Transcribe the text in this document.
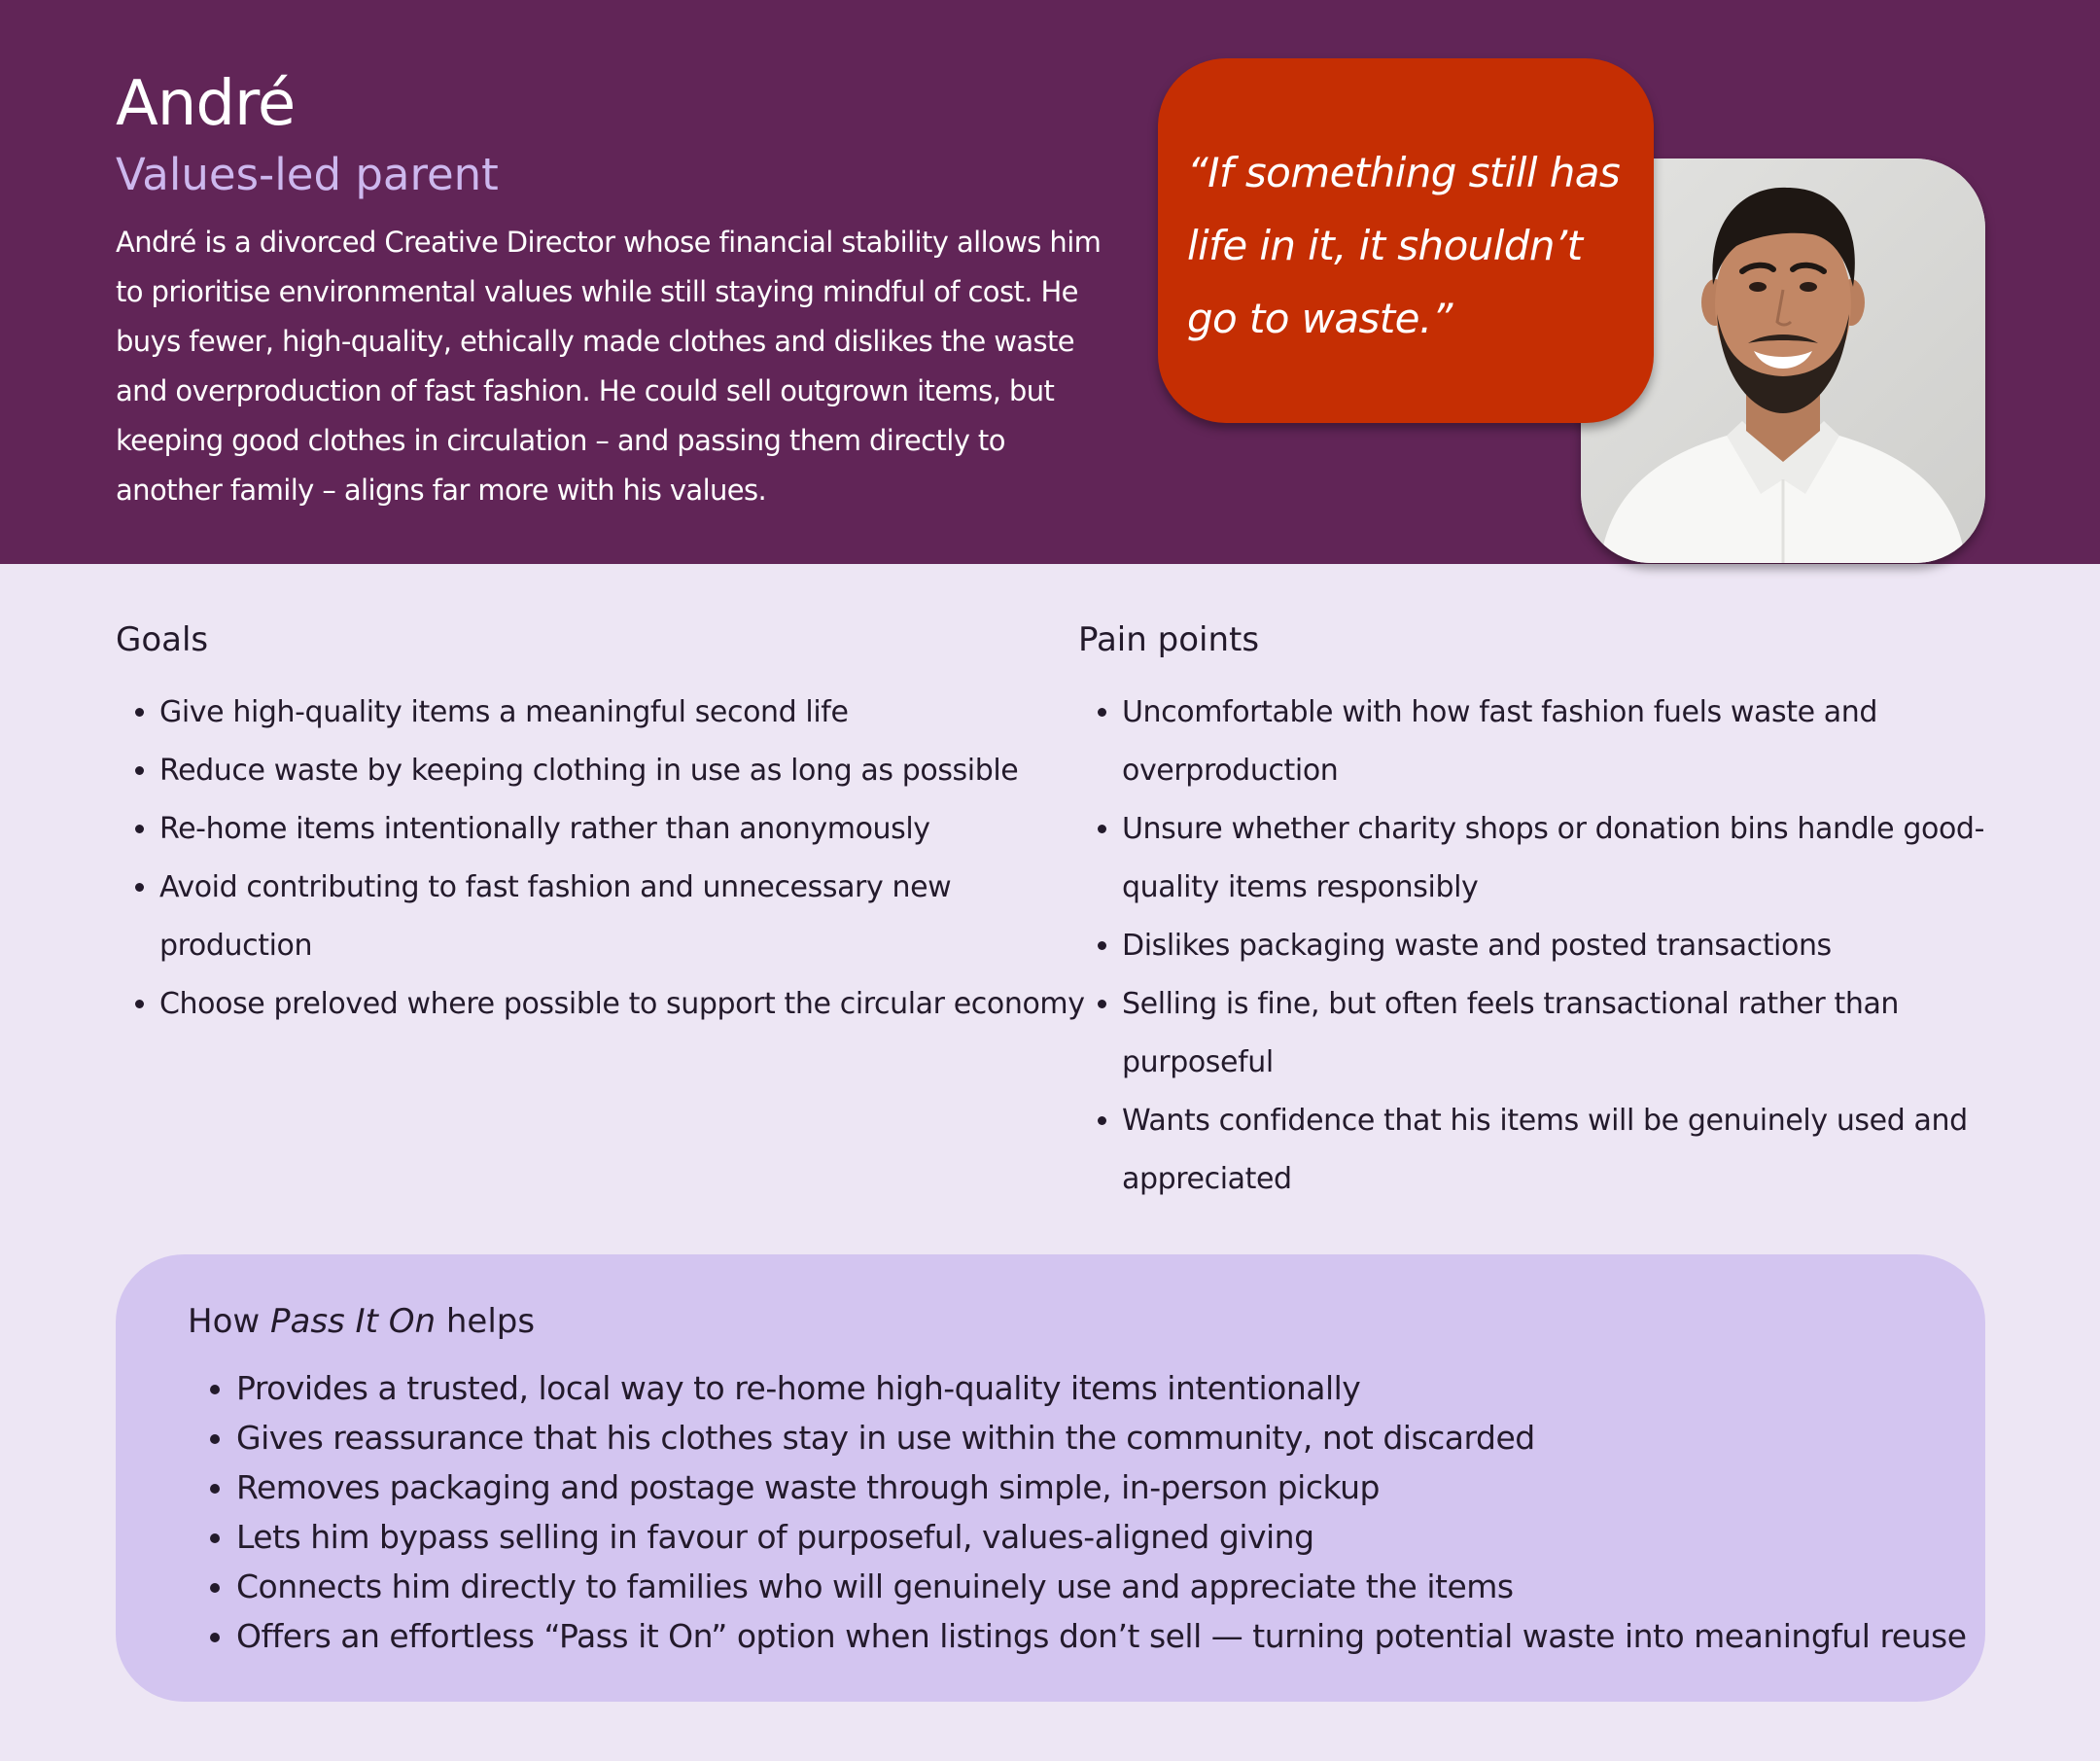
André
Values-led parent

André is a divorced Creative Director whose financial stability allows him to prioritise environmental values while still staying mindful of cost. He buys fewer, high-quality, ethically made clothes and dislikes the waste and overproduction of fast fashion. He could sell outgrown items, but keeping good clothes in circulation – and passing them directly to another family – aligns far more with his values.

“If something still has life in it, it shouldn’t go to waste.”

Goals
• Give high-quality items a meaningful second life
• Reduce waste by keeping clothing in use as long as possible
• Re-home items intentionally rather than anonymously
• Avoid contributing to fast fashion and unnecessary new production
• Choose preloved where possible to support the circular economy
Pain points
• Uncomfortable with how fast fashion fuels waste and overproduction
• Unsure whether charity shops or donation bins handle good-quality items responsibly
• Dislikes packaging waste and posted transactions
• Selling is fine, but often feels transactional rather than purposeful
• Wants confidence that his items will be genuinely used and appreciated
How Pass It On helps
• Provides a trusted, local way to re-home high-quality items intentionally
• Gives reassurance that his clothes stay in use within the community, not discarded
• Removes packaging and postage waste through simple, in-person pickup
• Lets him bypass selling in favour of purposeful, values-aligned giving
• Connects him directly to families who will genuinely use and appreciate the items
• Offers an effortless “Pass it On” option when listings don’t sell — turning potential waste into meaningful reuse
